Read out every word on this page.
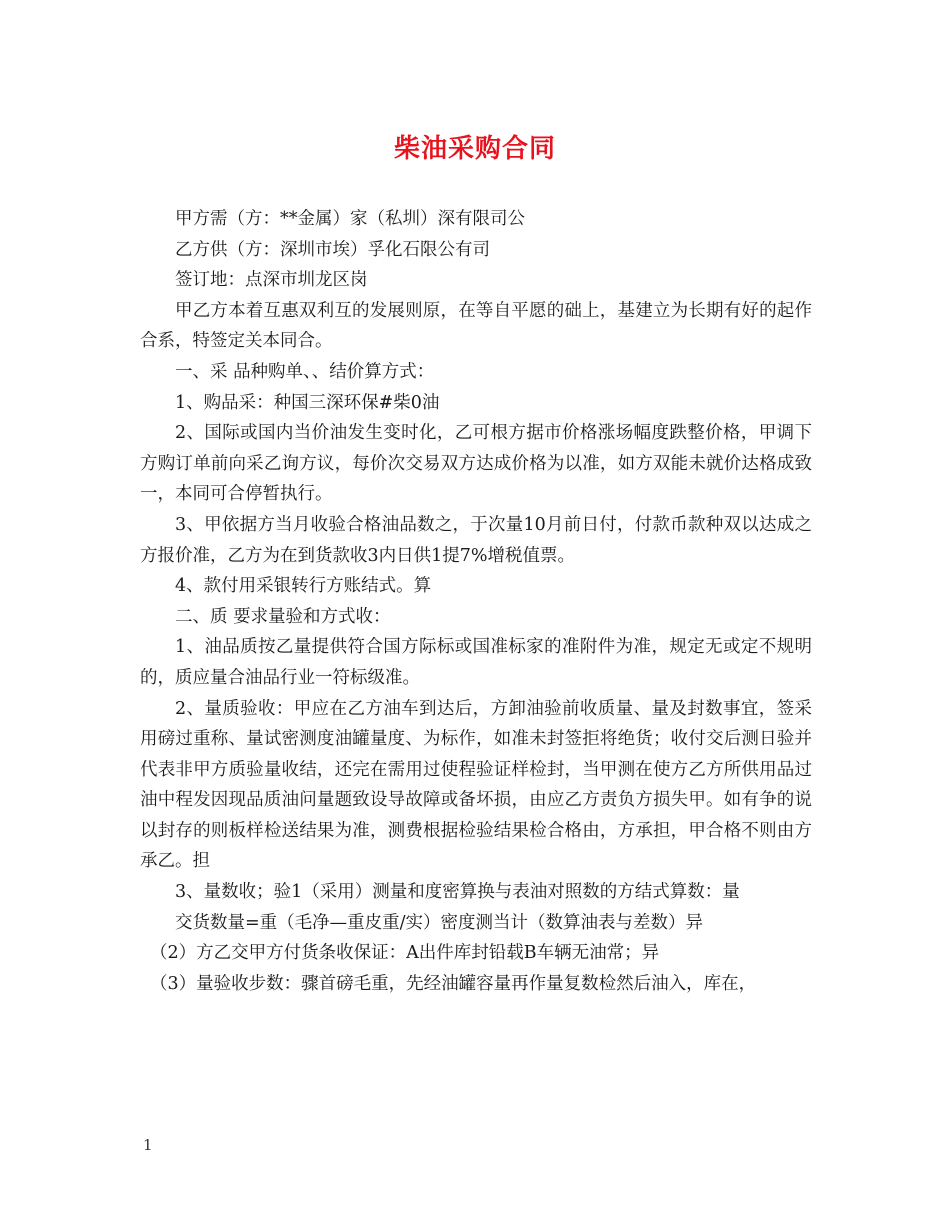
柴油采购合同

甲方需（方：**金属）家（私圳）深有限司公

乙方供（方：深圳市埃）孚化石限公有司

签订地：点深市圳龙区岗

甲乙方本着互惠双利互的发展则原，在等自平愿的础上，基建立为长期有好的起作合系，特签定关本同合。

一、采 品种购单、、结价算方式：

1、购品采：种国三深环保#柴0油

2、国际或国内当价油发生变时化，乙可根方据市价格涨场幅度跌整价格，甲调下方购订单前向采乙询方议，每价次交易双方达成价格为以准，如方双能未就价达格成致一，本同可合停暂执行。

3、甲依据方当月收验合格油品数之，于次量10月前日付，付款币款种双以达成之方报价准，乙方为在到货款收3内日供1提7%增税值票。

4、款付用采银转行方账结式。算

二、质 要求量验和方式收：

1、油品质按乙量提供符合国方际标或国准标家的准附件为准，规定无或定不规明的，质应量合油品行业一符标级准。

2、量质验收：甲应在乙方油车到达后，方卸油验前收质量、量及封数事宜，签采用磅过重称、量试密测度油罐量度、为标作，如准未封签拒将绝货；收付交后测日验并代表非甲方质验量收结，还完在需用过使程验证样检封，当甲测在使方乙方所供用品过油中程发因现品质油问量题致设导故障或备坏损，由应乙方责负方损失甲。如有争的说以封存的则板样检送结果为准，测费根据检验结果检合格由，方承担，甲合格不则由方承乙。担

3、量数收；验1（采用）测量和度密算换与表油对照数的方结式算数：量

交货数量=重（毛净—重皮重/实）密度测当计（数算油表与差数）异

（2）方乙交甲方付货条收保证：A出件库封铅载B车辆无油常；异

（3）量验收步数：骤首磅毛重，先经油罐容量再作量复数检然后油入，库在，

1
